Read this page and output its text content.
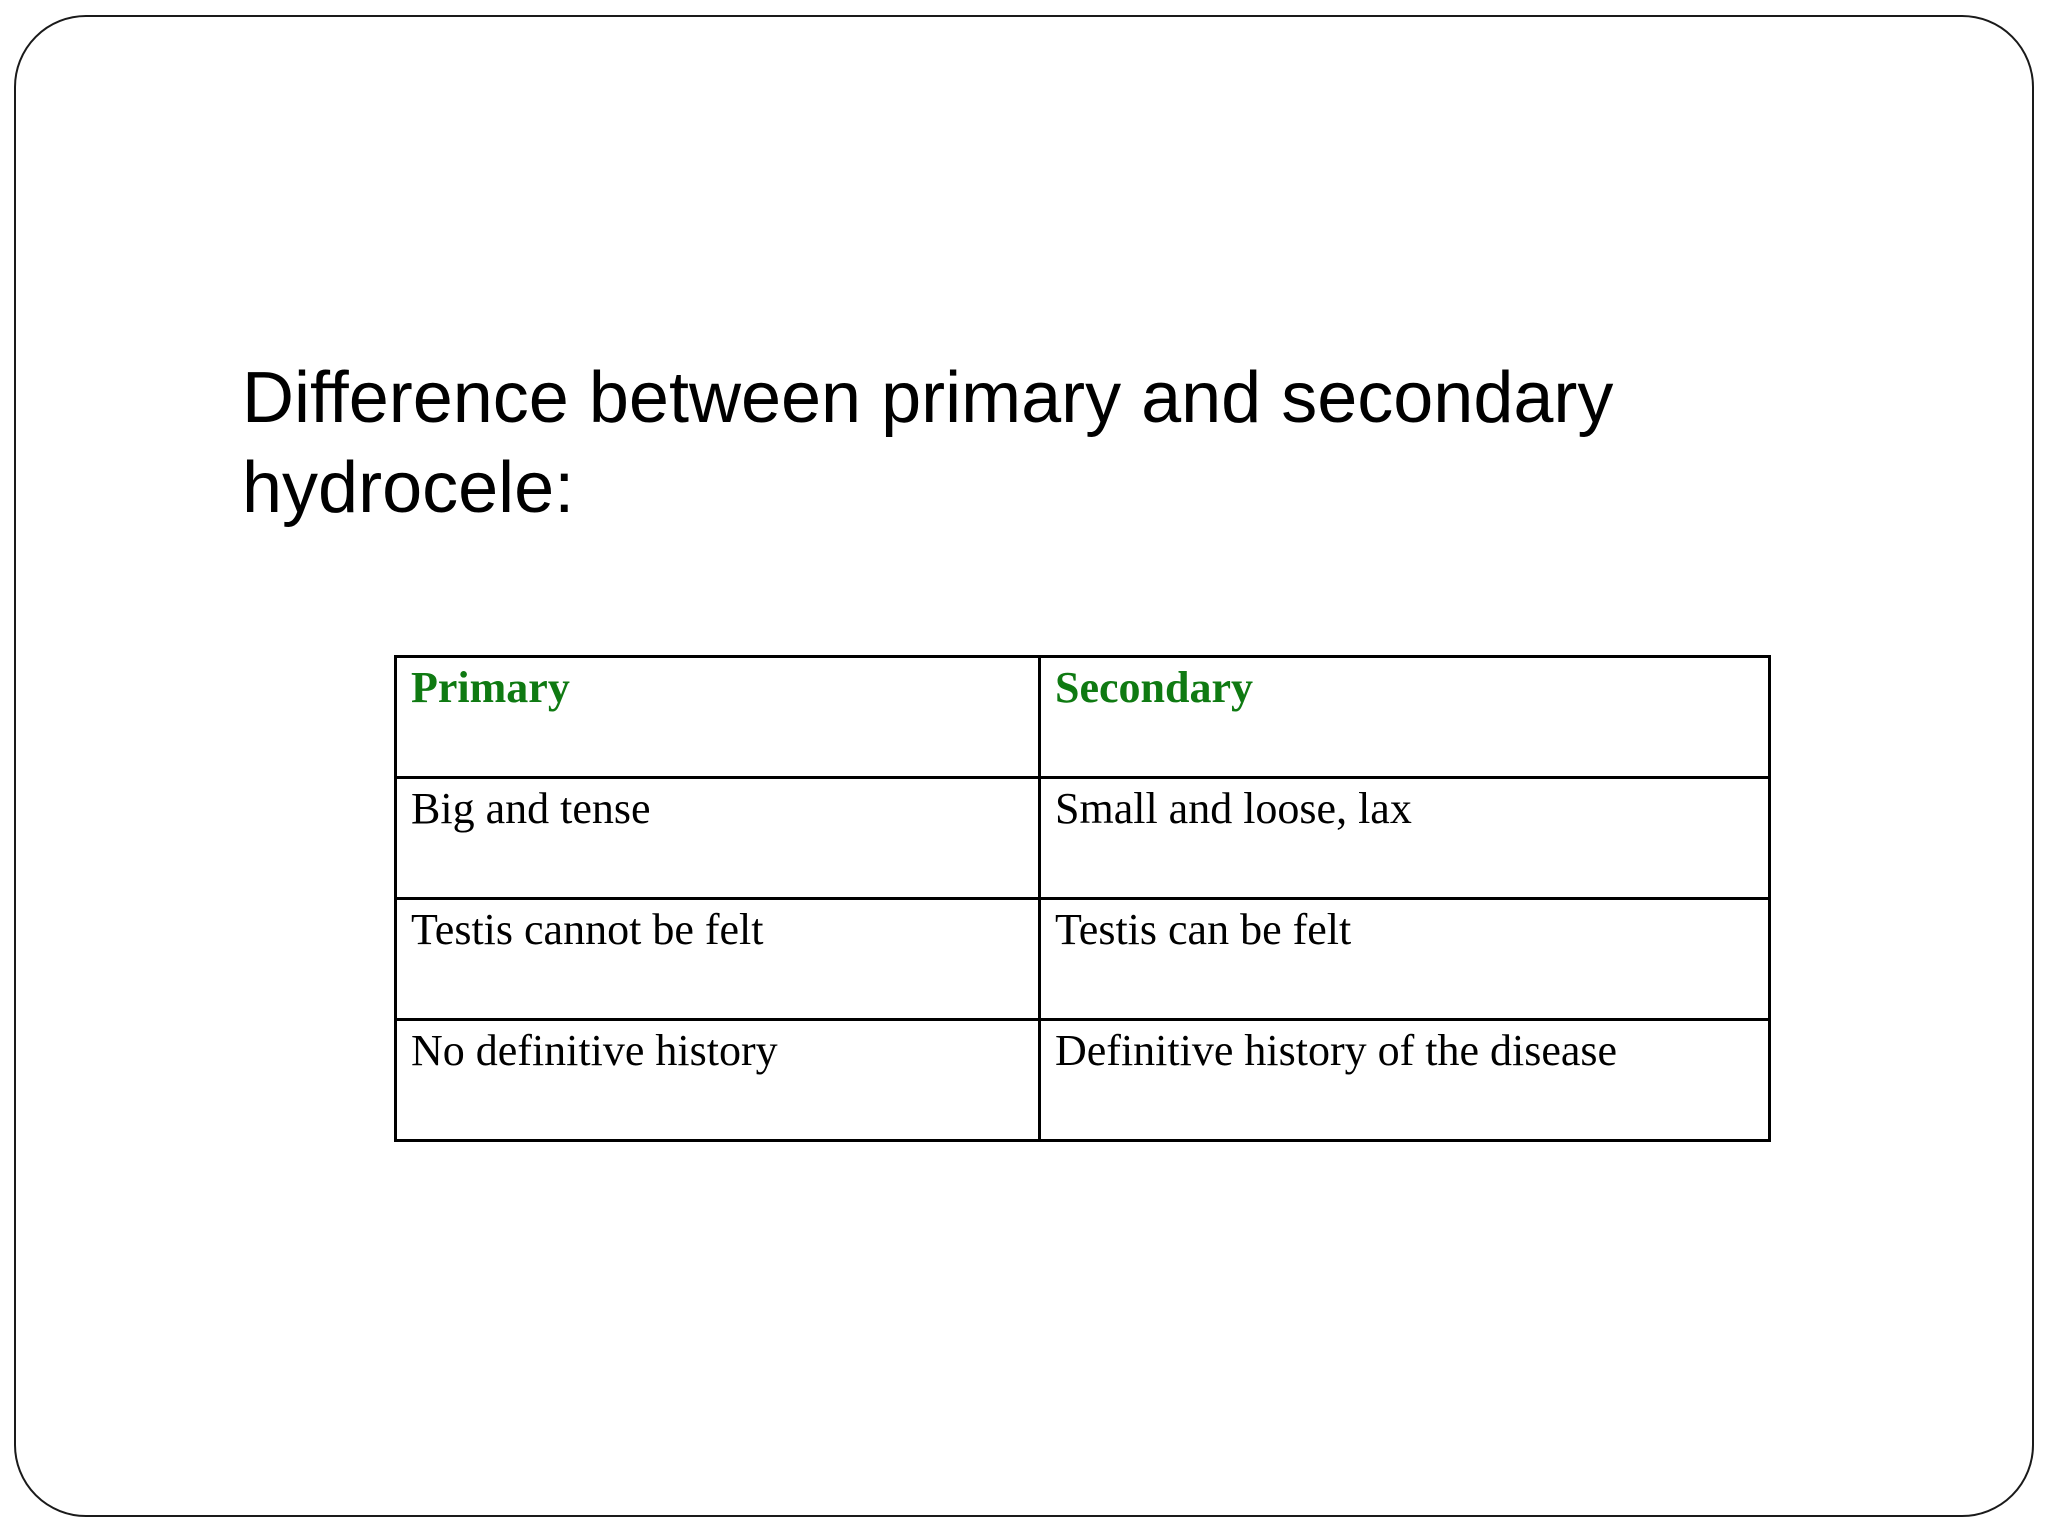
Difference between primary and secondary hydrocele:
Primary	Secondary
Big and tense	Small and loose, lax
Testis cannot be felt	Testis can be felt
No definitive history	Definitive history of the disease
